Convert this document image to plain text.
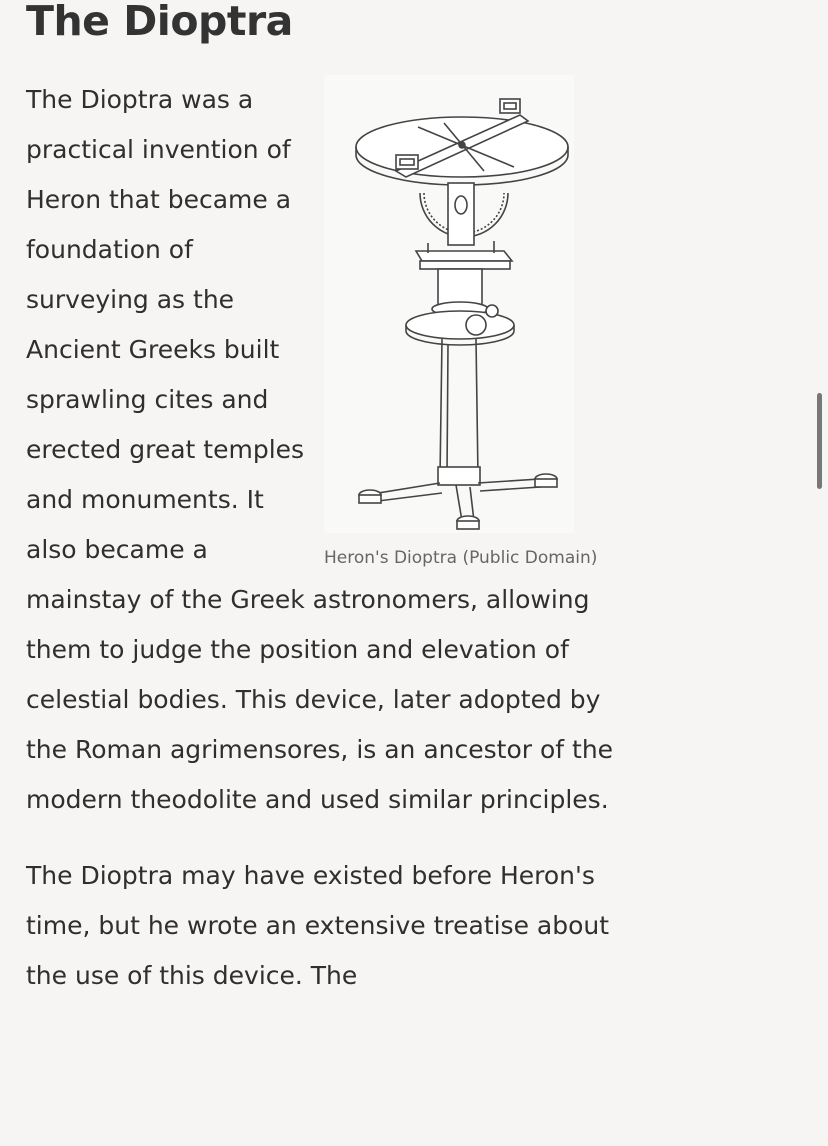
The Dioptra
Heron's Dioptra (Public Domain)

The Dioptra was a practical invention of Heron that became a foundation of surveying as the Ancient Greeks built sprawling cites and erected great temples and monuments. It also became a mainstay of the Greek astronomers, allowing them to judge the position and elevation of celestial bodies. This device, later adopted by the Roman agrimensores, is an ancestor of the modern theodolite and used similar principles.

The Dioptra may have existed before Heron's time, but he wrote an extensive treatise about the use of this device. The
